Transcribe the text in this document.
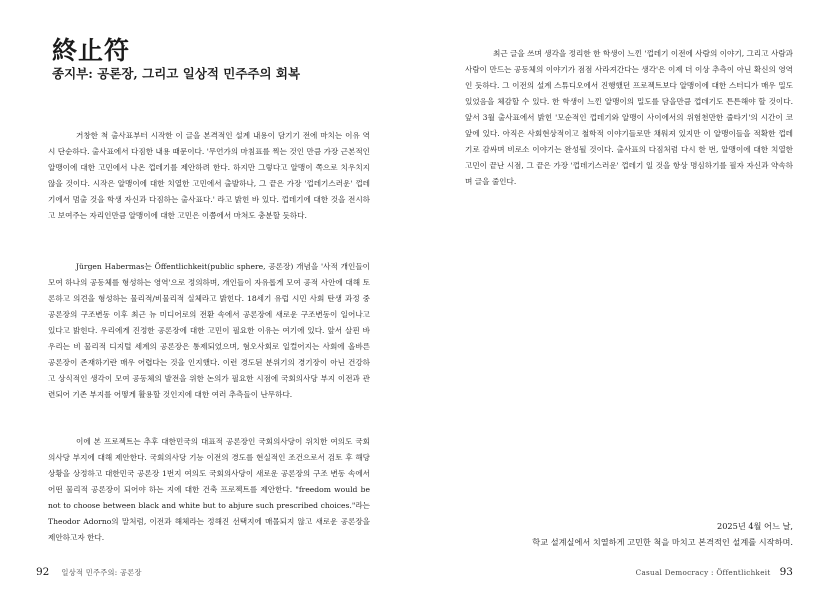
終止符
종지부: 공론장, 그리고 일상적 민주주의 회복

거창한 척 출사표부터 시작한 이 글을 본격적인 설계 내용이 담기기 전에 마치는 이유 역시 단순하다. 출사표에서 다짐한 내용 때문이다. '무언가의 마침표를 찍는 것인 만큼 가장 근본적인 알맹이에 대한 고민에서 나온 껍데기를 제안하려 한다. 하지만 그렇다고 알맹이 쪽으로 치우치지 않을 것이다. 시작은 알맹이에 대한 치열한 고민에서 출발하나, 그 끝은 가장 '껍데기스러운' 껍데기에서 멈출 것을 학생 자신과 다짐하는 출사표다.' 라고 밝힌 바 있다. 껍데기에 대한 것을 전시하고 보여주는 자리인만큼 알맹이에 대한 고민은 이쯤에서 마쳐도 충분할 듯하다.

Jürgen Habermas는 Öffentlichkeit(public sphere, 공론장) 개념을 '사적 개인들이 모여 하나의 공동체를 형성하는 영역'으로 정의하며, 개인들이 자유롭게 모여 공적 사안에 대해 토론하고 의견을 형성하는 물리적/비물리적 실체라고 밝힌다. 18세기 유럽 시민 사회 탄생 과정 중 공론장의 구조변동 이후 최근 뉴 미디어로의 전환 속에서 공론장에 새로운 구조변동이 일어나고 있다고 밝힌다. 우리에게 진정한 공론장에 대한 고민이 필요한 이유는 여기에 있다. 앞서 살핀 바 우리는 비 물리적 디지털 세계의 공론장은 통제되었으며, 혐오사회로 일컬어지는 사회에 올바른 공론장이 존재하기란 매우 어렵다는 것을 인지했다. 이런 경도된 분위기의 경기장이 아닌 건강하고 상식적인 생각이 모여 공동체의 발전을 위한 논의가 필요한 시점에 국회의사당 부지 이전과 관련되어 기존 부지를 어떻게 활용할 것인지에 대한 여러 추측들이 난무하다.

이에 본 프로젝트는 추후 대한민국의 대표적 공론장인 국회의사당이 위치한 여의도 국회의사당 부지에 대해 제안한다. 국회의사당 기능 이전의 경도를 현실적인 조건으로서 검토 후 해당 상황을 상정하고 대한민국 공론장 1번지 여의도 국회의사당이 새로운 공론장의 구조 변동 속에서 어떤 물리적 공론장이 되어야 하는 지에 대한 건축 프로젝트를 제안한다. "freedom would be not to choose between black and white but to abjure such prescribed choices."라는 Theodor Adorno의 말처럼, 이전과 해체라는 정해진 선택지에 매몰되지 않고 새로운 공론장을 제안하고자 한다.

92 일상적 민주주의: 공론장

최근 글을 쓰며 생각을 정리한 한 학생이 느낀 '껍데기 이전에 사람의 이야기, 그리고 사람과 사람이 만드는 공동체의 이야기가 점점 사라져간다는 생각'은 이제 더 이상 추측이 아닌 확신의 영역인 듯하다. 그 이전의 설계 스튜디오에서 진행했던 프로젝트보다 알맹이에 대한 스터디가 매우 밀도 있었음을 체감할 수 있다. 한 학생이 느낀 알맹이의 밀도를 담을만큼 껍데기도 튼튼해야 할 것이다. 앞서 3월 출사표에서 밝힌 '모순적인 껍데기와 알맹이 사이에서의 위험천만한 줄타기'의 시간이 코 앞에 있다. 아직은 사회현상적이고 철학적 이야기들로만 채워져 있지만 이 알맹이들을 적확한 껍데기로 감싸며 비로소 이야기는 완성될 것이다. 출사표의 다짐처럼 다시 한 번, 알맹이에 대한 치열한 고민이 끝난 시점, 그 끝은 가장 '껍데기스러운' 껍데기 일 것을 항상 명심하기를 필자 자신과 약속하며 글을 줄인다.

2025년 4월 어느 날,

학교 설계실에서 치열하게 고민한 척을 마치고 본격적인 설계를 시작하며.

Casual Democracy : Öffentlichkeit 93
